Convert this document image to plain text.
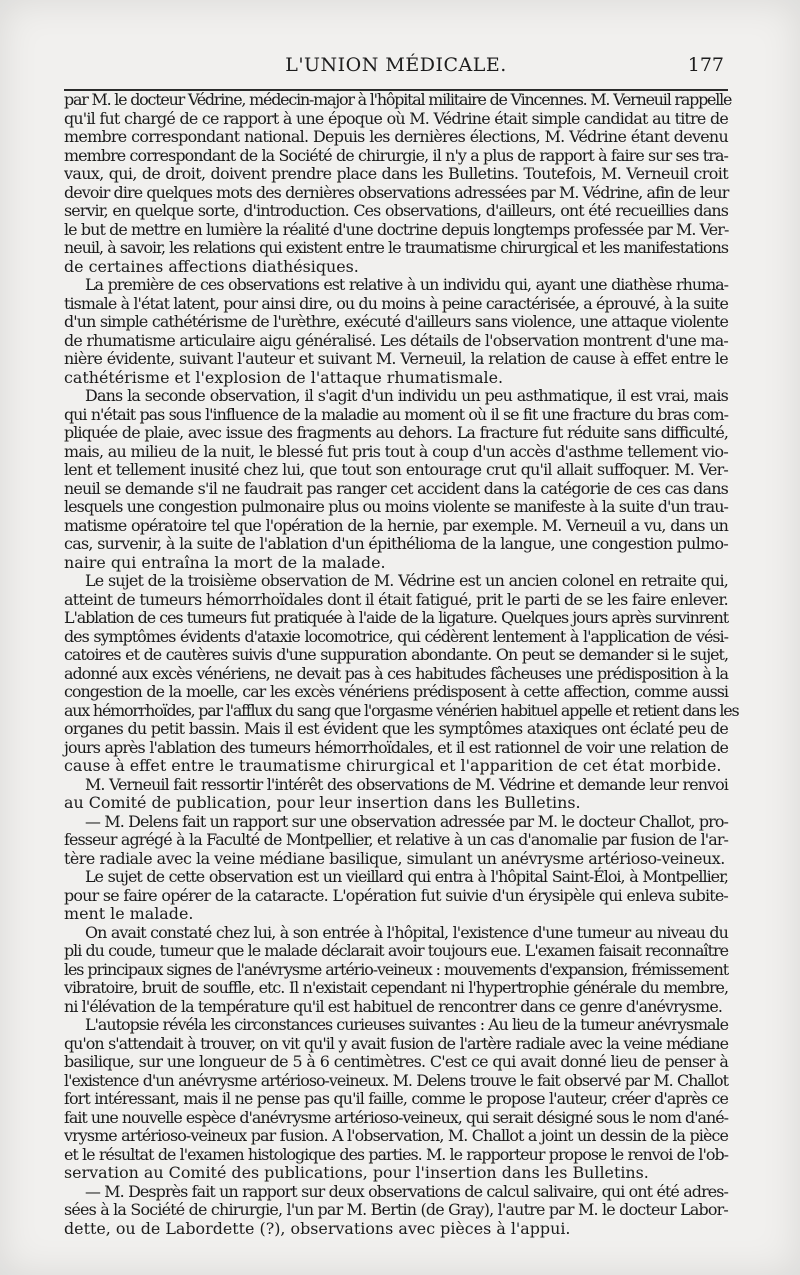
L'UNION MÉDICALE.	177
par M. le docteur Védrine, médecin-major à l'hôpital militaire de Vincennes. M. Verneuil rappelle
qu'il fut chargé de ce rapport à une époque où M. Védrine était simple candidat au titre de
membre correspondant national. Depuis les dernières élections, M. Védrine étant devenu
membre correspondant de la Société de chirurgie, il n'y a plus de rapport à faire sur ses tra-
vaux, qui, de droit, doivent prendre place dans les Bulletins. Toutefois, M. Verneuil croit
devoir dire quelques mots des dernières observations adressées par M. Védrine, afin de leur
servir, en quelque sorte, d'introduction. Ces observations, d'ailleurs, ont été recueillies dans
le but de mettre en lumière la réalité d'une doctrine depuis longtemps professée par M. Ver-
neuil, à savoir, les relations qui existent entre le traumatisme chirurgical et les manifestations
de certaines affections diathésiques.
La première de ces observations est relative à un individu qui, ayant une diathèse rhuma-
tismale à l'état latent, pour ainsi dire, ou du moins à peine caractérisée, a éprouvé, à la suite
d'un simple cathétérisme de l'urèthre, exécuté d'ailleurs sans violence, une attaque violente
de rhumatisme articulaire aigu généralisé. Les détails de l'observation montrent d'une ma-
nière évidente, suivant l'auteur et suivant M. Verneuil, la relation de cause à effet entre le
cathétérisme et l'explosion de l'attaque rhumatismale.
Dans la seconde observation, il s'agit d'un individu un peu asthmatique, il est vrai, mais
qui n'était pas sous l'influence de la maladie au moment où il se fit une fracture du bras com-
pliquée de plaie, avec issue des fragments au dehors. La fracture fut réduite sans difficulté,
mais, au milieu de la nuit, le blessé fut pris tout à coup d'un accès d'asthme tellement vio-
lent et tellement inusité chez lui, que tout son entourage crut qu'il allait suffoquer. M. Ver-
neuil se demande s'il ne faudrait pas ranger cet accident dans la catégorie de ces cas dans
lesquels une congestion pulmonaire plus ou moins violente se manifeste à la suite d'un trau-
matisme opératoire tel que l'opération de la hernie, par exemple. M. Verneuil a vu, dans un
cas, survenir, à la suite de l'ablation d'un épithélioma de la langue, une congestion pulmo-
naire qui entraîna la mort de la malade.
Le sujet de la troisième observation de M. Védrine est un ancien colonel en retraite qui,
atteint de tumeurs hémorrhoïdales dont il était fatigué, prit le parti de se les faire enlever.
L'ablation de ces tumeurs fut pratiquée à l'aide de la ligature. Quelques jours après survinrent
des symptômes évidents d'ataxie locomotrice, qui cédèrent lentement à l'application de vési-
catoires et de cautères suivis d'une suppuration abondante. On peut se demander si le sujet,
adonné aux excès vénériens, ne devait pas à ces habitudes fâcheuses une prédisposition à la
congestion de la moelle, car les excès vénériens prédisposent à cette affection, comme aussi
aux hémorrhoïdes, par l'afflux du sang que l'orgasme vénérien habituel appelle et retient dans les
organes du petit bassin. Mais il est évident que les symptômes ataxiques ont éclaté peu de
jours après l'ablation des tumeurs hémorrhoïdales, et il est rationnel de voir une relation de
cause à effet entre le traumatisme chirurgical et l'apparition de cet état morbide.
M. Verneuil fait ressortir l'intérêt des observations de M. Védrine et demande leur renvoi
au Comité de publication, pour leur insertion dans les Bulletins.
— M. Delens fait un rapport sur une observation adressée par M. le docteur Challot, pro-
fesseur agrégé à la Faculté de Montpellier, et relative à un cas d'anomalie par fusion de l'ar-
tère radiale avec la veine médiane basilique, simulant un anévrysme artérioso-veineux.
Le sujet de cette observation est un vieillard qui entra à l'hôpital Saint-Éloi, à Montpellier,
pour se faire opérer de la cataracte. L'opération fut suivie d'un érysipèle qui enleva subite-
ment le malade.
On avait constaté chez lui, à son entrée à l'hôpital, l'existence d'une tumeur au niveau du
pli du coude, tumeur que le malade déclarait avoir toujours eue. L'examen faisait reconnaître
les principaux signes de l'anévrysme artério-veineux : mouvements d'expansion, frémissement
vibratoire, bruit de souffle, etc. Il n'existait cependant ni l'hypertrophie générale du membre,
ni l'élévation de la température qu'il est habituel de rencontrer dans ce genre d'anévrysme.
L'autopsie révéla les circonstances curieuses suivantes : Au lieu de la tumeur anévrysmale
qu'on s'attendait à trouver, on vit qu'il y avait fusion de l'artère radiale avec la veine médiane
basilique, sur une longueur de 5 à 6 centimètres. C'est ce qui avait donné lieu de penser à
l'existence d'un anévrysme artérioso-veineux. M. Delens trouve le fait observé par M. Challot
fort intéressant, mais il ne pense pas qu'il faille, comme le propose l'auteur, créer d'après ce
fait une nouvelle espèce d'anévrysme artérioso-veineux, qui serait désigné sous le nom d'ané-
vrysme artérioso-veineux par fusion. A l'observation, M. Challot a joint un dessin de la pièce
et le résultat de l'examen histologique des parties. M. le rapporteur propose le renvoi de l'ob-
servation au Comité des publications, pour l'insertion dans les Bulletins.
— M. Desprès fait un rapport sur deux observations de calcul salivaire, qui ont été adres-
sées à la Société de chirurgie, l'un par M. Bertin (de Gray), l'autre par M. le docteur Labor-
dette, ou de Labordette (?), observations avec pièces à l'appui.
